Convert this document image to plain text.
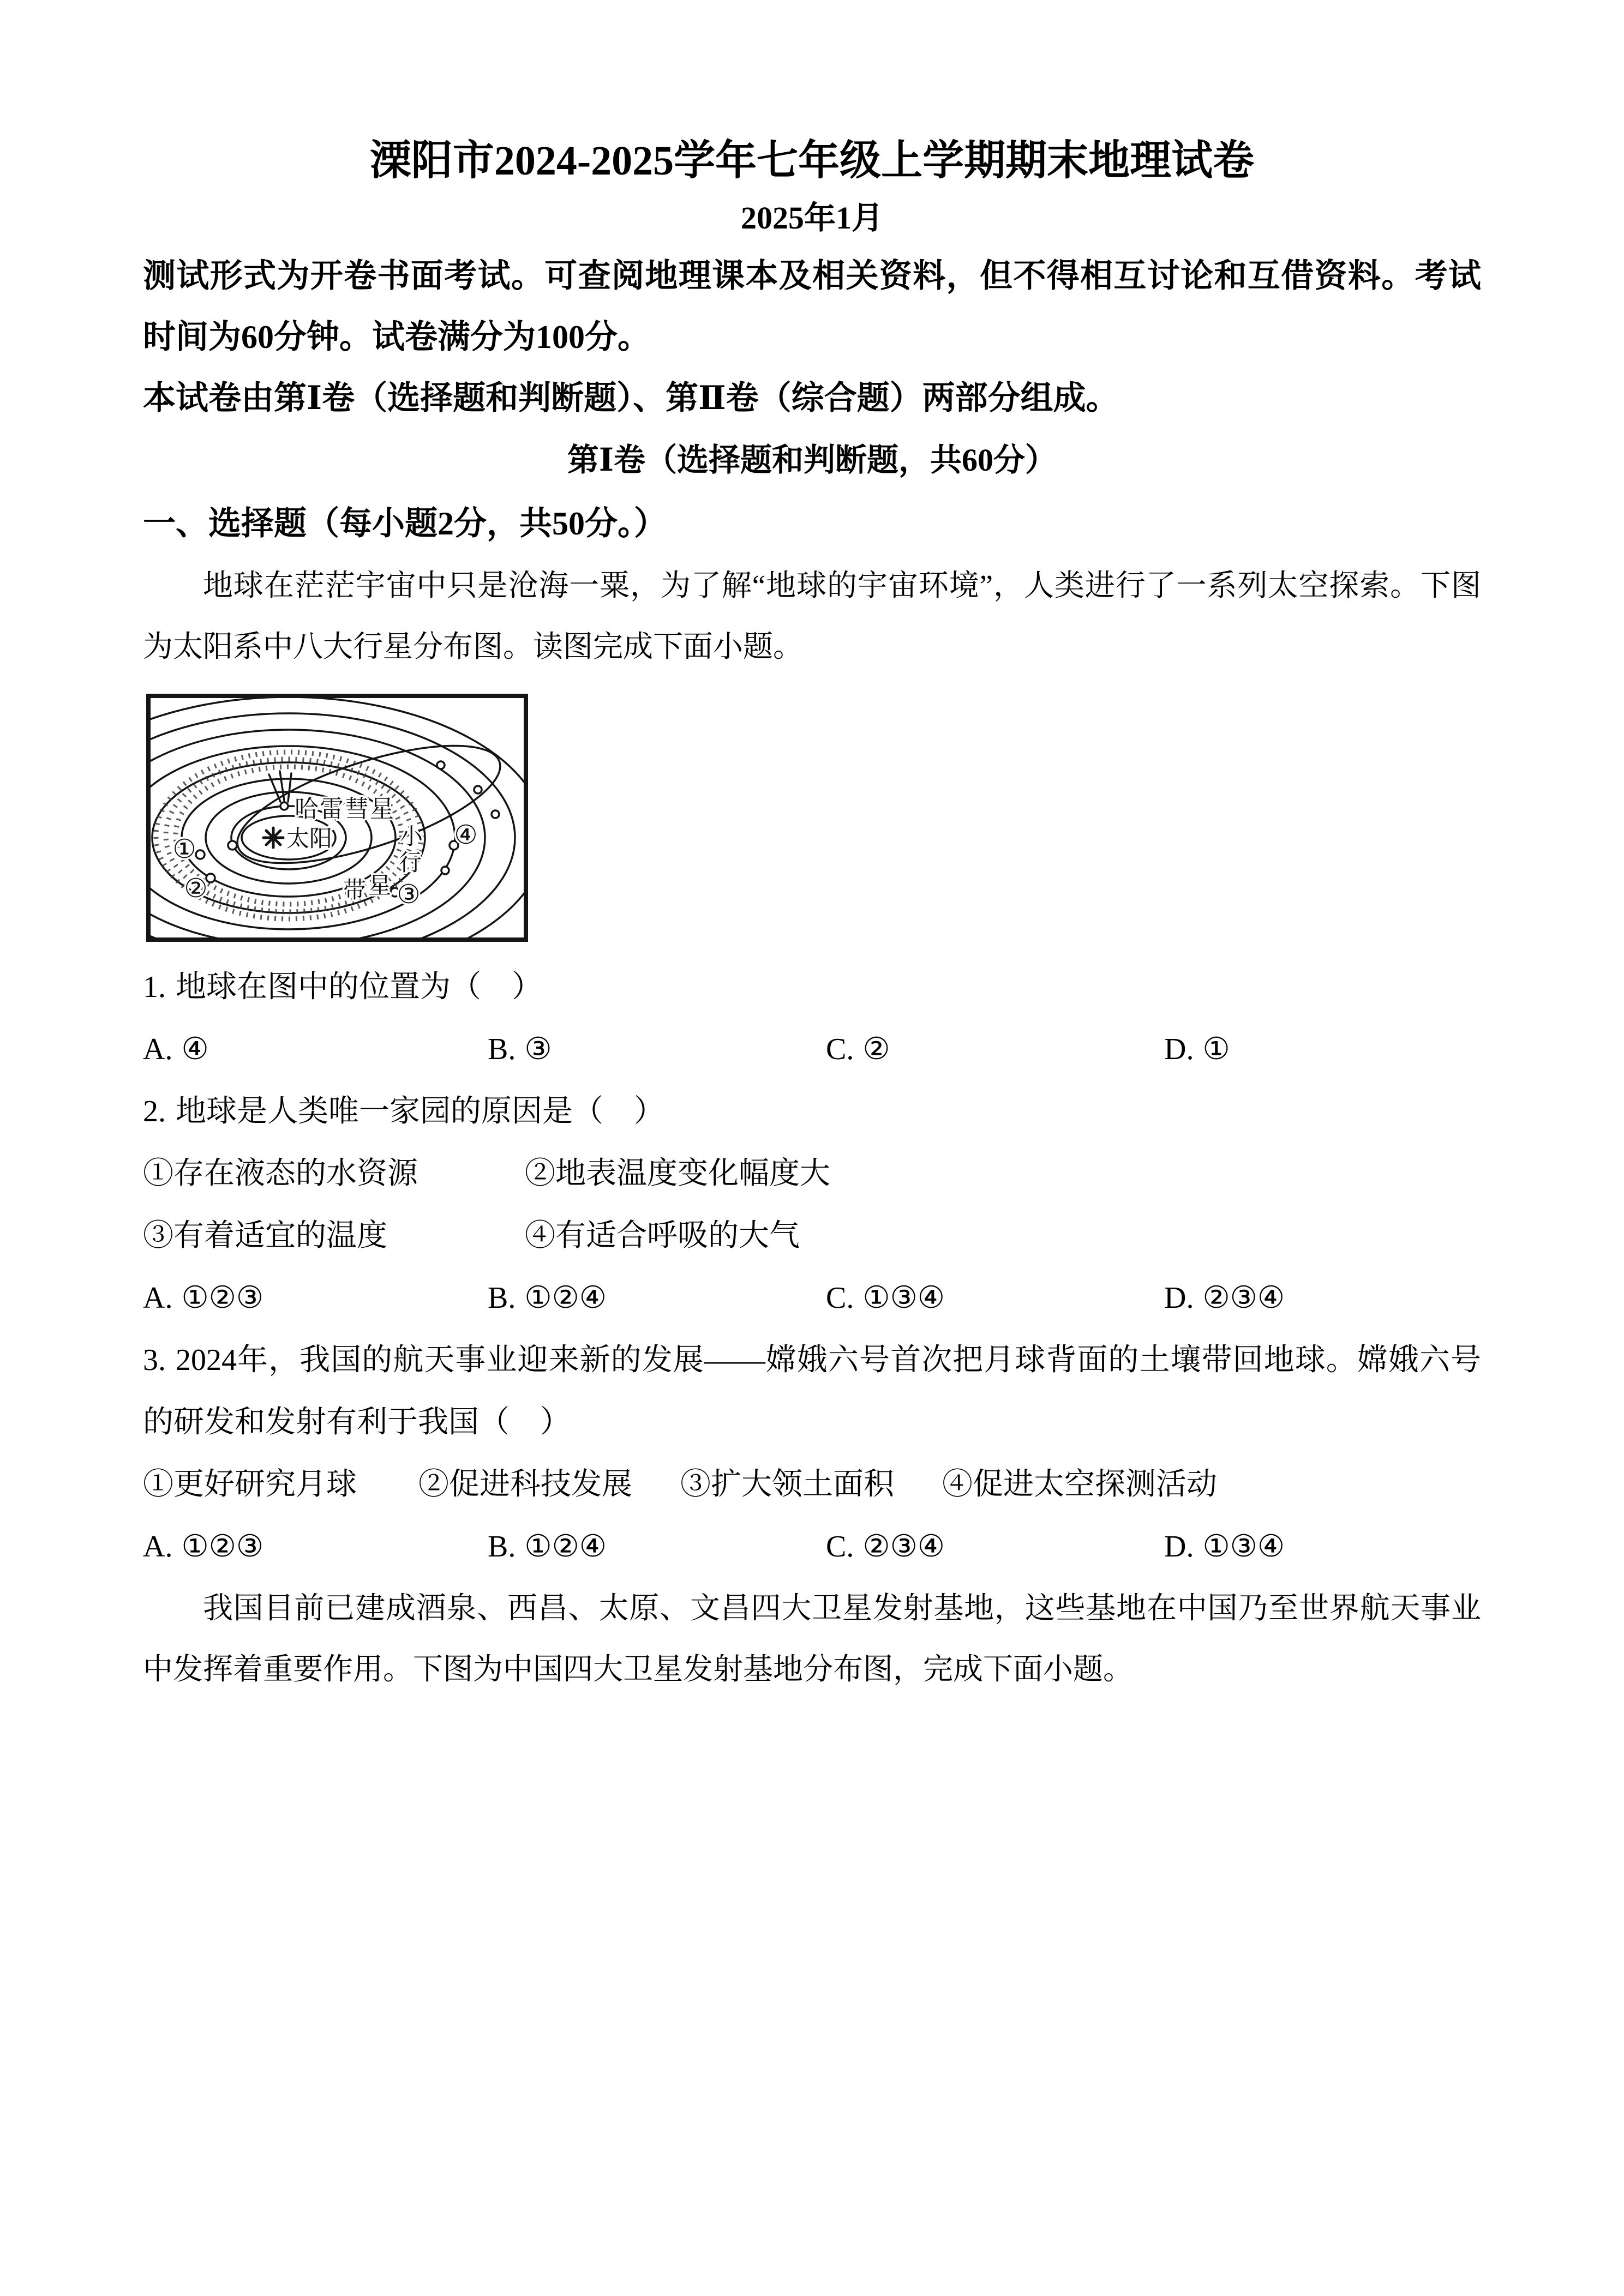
溧阳市2024-2025学年七年级上学期期末地理试卷

2025年1月

测试形式为开卷书面考试。可查阅地理课本及相关资料，但不得相互讨论和互借资料。考试时间为60分钟。试卷满分为100分。

本试卷由第Ⅰ卷（选择题和判断题）、第Ⅱ卷（综合题）两部分组成。

第Ⅰ卷（选择题和判断题，共60分）

一、选择题（每小题2分，共50分。）

地球在茫茫宇宙中只是沧海一粟，为了解“地球的宇宙环境”，人类进行了一系列太空探索。下图为太阳系中八大行星分布图。读图完成下面小题。

太阳
哈雷彗星
小
行
星
带
①
②	③
④

1. 地球在图中的位置为（　）

A. ④	B. ③	C. ②	D. ①

2. 地球是人类唯一家园的原因是（　）

①存在液态的水资源	②地表温度变化幅度大
③有着适宜的温度	④有适合呼吸的大气
A. ①②③	B. ①②④	C. ①③④	D. ②③④

3. 2024年，我国的航天事业迎来新的发展——嫦娥六号首次把月球背面的土壤带回地球。嫦娥六号的研发和发射有利于我国（　）

①更好研究月球	②促进科技发展	③扩大领土面积	④促进太空探测活动
A. ①②③	B. ①②④	C. ②③④	D. ①③④

我国目前已建成酒泉、西昌、太原、文昌四大卫星发射基地，这些基地在中国乃至世界航天事业中发挥着重要作用。下图为中国四大卫星发射基地分布图，完成下面小题。
